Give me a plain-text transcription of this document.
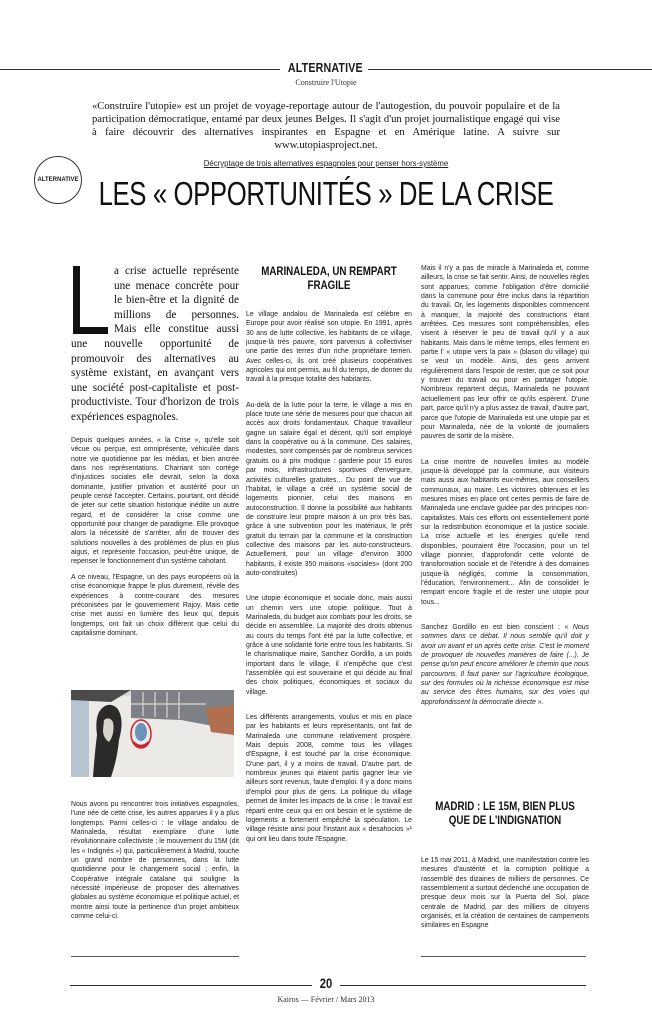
ALTERNATIVE
Construire l'Utopie
«Construire l'utopie» est un projet de voyage-reportage autour de l'autogestion, du pouvoir populaire et de la participation démocratique, entamé par deux jeunes Belges. Il s'agit d'un projet journalistique engagé qui vise à faire découvrir des alternatives inspirantes en Espagne et en Amérique latine. A suivre sur www.utopiasproject.net.
ALTERNATIVE
Décryptage de trois alternatives espagnoles pour penser hors-système
LES « OPPORTUNITÉS » DE LA CRISE
a crise actuelle représente une menace concrète pour le bien-être et la dignité de millions de personnes. Mais elle constitue aussi une nouvelle opportunité de promouvoir des alternatives au système existant, en avançant vers une société post-capitaliste et post-productiviste. Tour d'horizon de trois expériences espagnoles.

Depuis quelques années, « la Crise », qu'elle soit vécue ou perçue, est omniprésente, véhiculée dans notre vie quotidienne par les médias, et bien ancrée dans nos représentations. Charriant son cortège d'injustices sociales elle devrait, selon la doxa dominante, justifier privation et austérité pour un peuple censé l'accepter. Certains, pourtant, ont décidé de jeter sur cette situation historique inédite un autre regard, et de considérer la crise comme une opportunité pour changer de paradigme. Elle provoque alors la nécessité de s'arrêter, afin de trouver des solutions nouvelles à des problèmes de plus en plus aigus, et représente l'occasion, peut-être unique, de repenser le fonctionnement d'un système cahotant.

A ce niveau, l'Espagne, un des pays européens où la crise économique frappe le plus durement, révèle des expériences à contre-courant des mesures préconisées par le gouvernement Rajoy. Mais cette crise met aussi en lumière des lieux qui, depuis longtemps, ont fait un choix différent que celui du capitalisme dominant.

Nous avons pu rencontrer trois initiatives espagnoles, l'une née de cette crise, les autres apparues il y a plus longtemps. Parmi celles-ci : le village andalou de Marinaleda, résultat exemplaire d'une lutte révolutionnaire collectiviste ; le mouvement du 15M (dit les « Indignés ») qui, particulièrement à Madrid, touche un grand nombre de personnes, dans la lutte quotidienne pour le changement social ; enfin, la Coopérative intégrale catalane qui souligne la nécessité impérieuse de proposer des alternatives globales au système économique et politique actuel, et montre ainsi toute la pertinence d'un projet ambitieux comme celui-ci.

MARINALEDA, UN REMPART FRAGILE

Le village andalou de Marinaleda est célèbre en Europe pour avoir réalisé son utopie. En 1991, après 30 ans de lutte collective, les habitants de ce village, jusque-là très pauvre, sont parvenus à collectiviser une partie des terres d'un riche propriétaire terrien. Avec celles-ci, ils ont créé plusieurs coopératives agricoles qui ont permis, au fil du temps, de donner du travail à la presque totalité des habitants.

Au-delà de la lutte pour la terre, le village a mis en place toute une série de mesures pour que chacun ait accès aux droits fondamentaux. Chaque travailleur gagne un salaire égal et décent, qu'il soit employé dans la coopérative ou à la commune. Ces salaires, modestes, sont compensés par de nombreux services gratuits ou à prix modique : garderie pour 15 euros par mois, infrastructures sportives d'envergure, activités culturelles gratuites... Du point de vue de l'habitat, le village a créé un système social de logements pionnier, celui des maisons en autoconstruction. Il donne la possibilité aux habitants de construire leur propre maison à un prix très bas, grâce à une subvention pour les matériaux, le prêt gratuit du terrain par la commune et la construction collective des maisons par les auto-constructeurs. Actuellement, pour un village d'environ 3000 habitants, il existe 350 maisons «sociales» (dont 200 auto-construites)

Une utopie économique et sociale donc, mais aussi un chemin vers une utopie politique. Tout à Marinaleda, du budget aux combats pour les droits, se décide en assemblée. La majorité des droits obtenus au cours du temps l'ont été par la lutte collective, et grâce à une solidarité forte entre tous les habitants. Si le charismatique maire, Sanchez Gordillo, a un poids important dans le village, il n'empêche que c'est l'assemblée qui est souveraine et qui décide au final des choix politiques, économiques et sociaux du village.

Les différents arrangements, voulus et mis en place par les habitants et leurs représentants, ont fait de Marinaleda une commune relativement prospère. Mais depuis 2008, comme tous les villages d'Espagne, il est touché par la crise économique. D'une part, il y a moins de travail. D'autre part, de nombreux jeunes qui étaient partis gagner leur vie ailleurs sont revenus, faute d'emploi. Il y a donc moins d'emploi pour plus de gens. La politique du village permet de limiter les impacts de la crise : le travail est réparti entre ceux qui en ont besoin et le système de logements a fortement empêché la spéculation. Le village résiste ainsi pour l'instant aux « desahocios »¹ qui ont lieu dans toute l'Espagne.

Mais il n'y a pas de miracle à Marinaleda et, comme ailleurs, la crise se fait sentir. Ainsi, de nouvelles règles sont apparues, comme l'obligation d'être domicilié dans la commune pour être inclus dans la répartition du travail. Or, les logements disponibles commencent à manquer, la majorité des constructions étant arrêtées. Ces mesures sont compréhensibles, elles visent à réserver le peu de travail qu'il y a aux habitants. Mais dans le même temps, elles ferment en partie l' « utopie vers la paix » (blason du village) qui se veut un modèle. Ainsi, des gens arrivent régulièrement dans l'espoir de rester, que ce soit pour y trouver du travail ou pour en partager l'utopie. Nombreux repartent déçus, Marinaleda ne pouvant actuellement pas leur offrir ce qu'ils espèrent. D'une part, parce qu'il n'y a plus assez de travail, d'autre part, parce que l'utopie de Marinaleda est une utopie par et pour Marinaleda, née de la volonté de journaliers pauvres de sortir de la misère.

La crise montre de nouvelles limites au modèle jusque-là développé par la commune, aux visiteurs mais aussi aux habitants eux-mêmes, aux conseillers communaux, au maire. Les victoires obtenues et les mesures mises en place ont certes permis de faire de Marinaleda une enclave guidée par des principes non-capitalistes. Mais ces efforts ont essentiellement porté sur la redistribution économique et la justice sociale. La crise actuelle et les énergies qu'elle rend disponibles, pourraient être l'occasion, pour un tel village pionnier, d'approfondir cette volonté de transformation sociale et de l'étendre à des domaines jusque-là négligés, comme la consommation, l'éducation, l'environnement... Afin de consolider le rempart encore fragile et de rester une utopie pour tous...

Sanchez Gordillo en est bien conscient : « Nous sommes dans ce débat. Il nous semble qu'il doit y avoir un avant et un après cette crise. C'est le moment de provoquer de nouvelles manières de faire (...). Je pense qu'on peut encore améliorer le chemin que nous parcourons. Il faut parier sur l'agriculture écologique, sur des formules où la richesse économique est mise au service des êtres humains, sur des voies qui approfondissent la démocratie directe ».

MADRID : LE 15M, BIEN PLUS QUE DE L'INDIGNATION

Le 15 mai 2011, à Madrid, une manifestation contre les mesures d'austérité et la corruption politique a rassemblé des dizaines de milliers de personnes. Ce rassemblement a surtout déclenché une occupation de presque deux mois sur la Puerta del Sol, place centrale de Madrid, par des milliers de citoyens organisés, et la création de centaines de campements similaires en Espagne

20
Kairos — Février / Mars 2013
